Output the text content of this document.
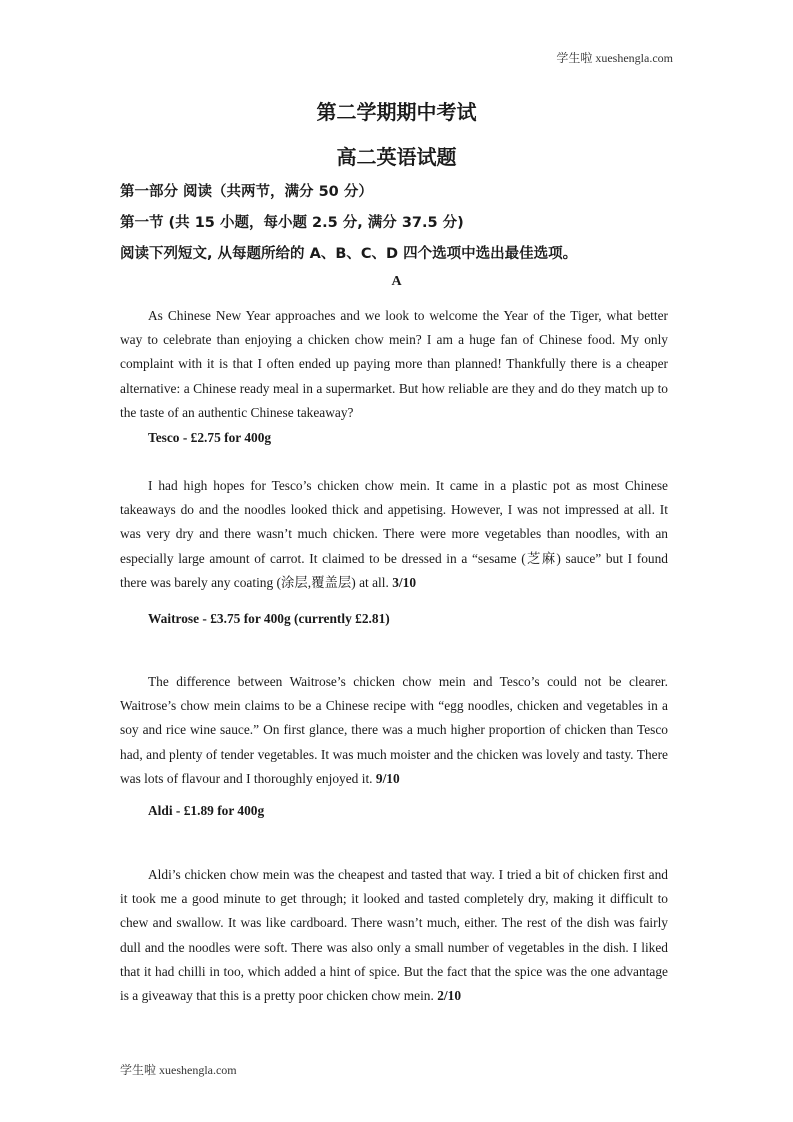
学生啦 xueshengla.com
第二学期期中考试
高二英语试题
第一部分 阅读（共两节，满分 50 分）
第一节 (共 15 小题，每小题 2.5 分, 满分 37.5 分)
阅读下列短文, 从每题所给的 A、B、C、D 四个选项中选出最佳选项。
A

As Chinese New Year approaches and we look to welcome the Year of the Tiger, what better way to celebrate than enjoying a chicken chow mein? I am a huge fan of Chinese food. My only complaint with it is that I often ended up paying more than planned! Thankfully there is a cheaper alternative: a Chinese ready meal in a supermarket. But how reliable are they and do they match up to the taste of an authentic Chinese takeaway?

Tesco - £2.75 for 400g

I had high hopes for Tesco’s chicken chow mein. It came in a plastic pot as most Chinese takeaways do and the noodles looked thick and appetising. However, I was not impressed at all. It was very dry and there wasn’t much chicken. There were more vegetables than noodles, with an especially large amount of carrot. It claimed to be dressed in a “sesame (芝麻) sauce” but I found there was barely any coating (涂层,覆盖层) at all. 3/10

Waitrose - £3.75 for 400g (currently £2.81)

The difference between Waitrose’s chicken chow mein and Tesco’s could not be clearer. Waitrose’s chow mein claims to be a Chinese recipe with “egg noodles, chicken and vegetables in a soy and rice wine sauce.” On first glance, there was a much higher proportion of chicken than Tesco had, and plenty of tender vegetables. It was much moister and the chicken was lovely and tasty. There was lots of flavour and I thoroughly enjoyed it. 9/10

Aldi - £1.89 for 400g

Aldi’s chicken chow mein was the cheapest and tasted that way. I tried a bit of chicken first and it took me a good minute to get through; it looked and tasted completely dry, making it difficult to chew and swallow. It was like cardboard. There wasn’t much, either. The rest of the dish was fairly dull and the noodles were soft. There was also only a small number of vegetables in the dish. I liked that it had chilli in too, which added a hint of spice. But the fact that the spice was the one advantage is a giveaway that this is a pretty poor chicken chow mein. 2/10

学生啦 xueshengla.com
